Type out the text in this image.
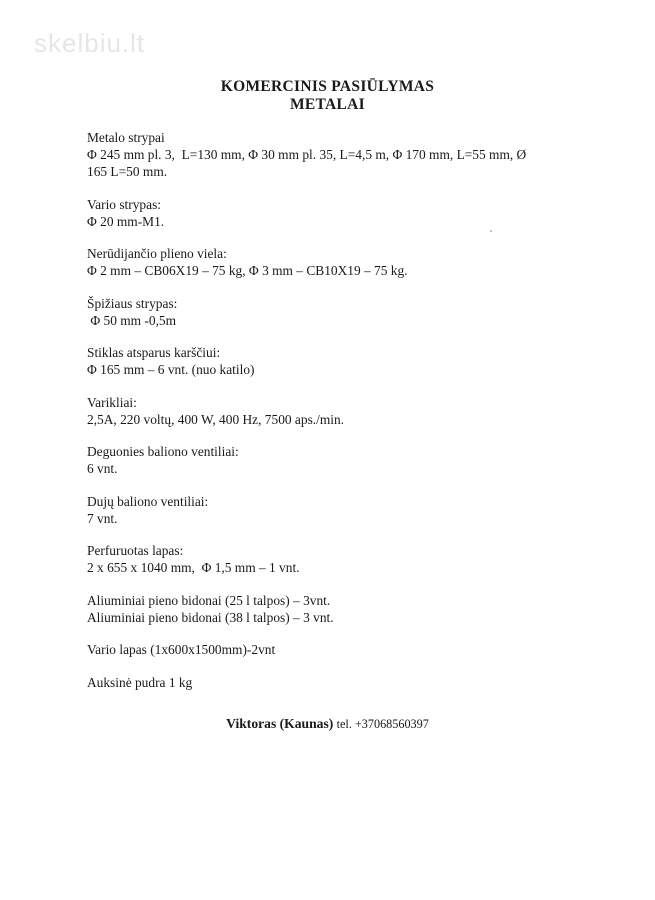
skelbiu.lt
KOMERCINIS PASIŪLYMAS
METALAI

Metalo strypai

Φ 245 mm pl. 3,  L=130 mm, Φ 30 mm pl. 35, L=4,5 m, Φ 170 mm, L=55 mm, Ø

165 L=50 mm.

Vario strypas:

Φ 20 mm-M1.

Nerūdijančio plieno viela:

Φ 2 mm – CB06X19 – 75 kg, Φ 3 mm – CB10X19 – 75 kg.

Špižiaus strypas:

Φ 50 mm -0,5m

Stiklas atsparus karščiui:

Φ 165 mm – 6 vnt. (nuo katilo)

Varikliai:

2,5A, 220 voltų, 400 W, 400 Hz, 7500 aps./min.

Deguonies baliono ventiliai:

6 vnt.

Dujų baliono ventiliai:

7 vnt.

Perfuruotas lapas:

2 x 655 x 1040 mm,  Φ 1,5 mm – 1 vnt.

Aliuminiai pieno bidonai (25 l talpos) – 3vnt.

Aliuminiai pieno bidonai (38 l talpos) – 3 vnt.

Vario lapas (1x600x1500mm)-2vnt

Auksinė pudra 1 kg

Viktoras (Kaunas) tel. +37068560397
